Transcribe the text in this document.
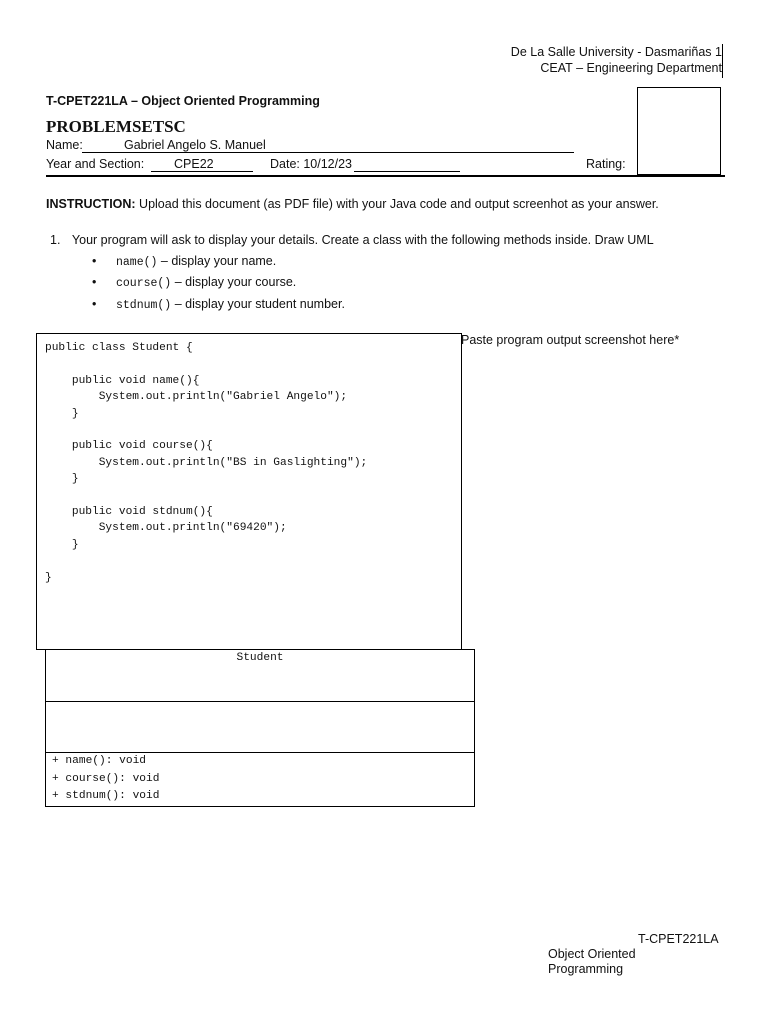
De La Salle University - Dasmariñas 1
CEAT – Engineering Department
T-CPET221LA – Object Oriented Programming
PROBLEMSETSC
Name:	Gabriel Angelo S. Manuel
Year and Section: CPE22	Date: 10/12/23	Rating:
INSTRUCTION: Upload this document (as PDF file) with your Java code and output screenhot as your answer.
1. Your program will ask to display your details. Create a class with the following methods inside. Draw UML
• name() – display your name.
• course() – display your course.
• stdnum() – display your student number.
public class Student {

public void name(){
System.out.println("Gabriel Angelo");
}

public void course(){
System.out.println("BS in Gaslighting");
}

public void stdnum(){
System.out.println("69420");
}

}
Paste program output screenshot here*
Student
+ name(): void
+ course(): void
+ stdnum(): void
T-CPET221LA
Object Oriented Programming
